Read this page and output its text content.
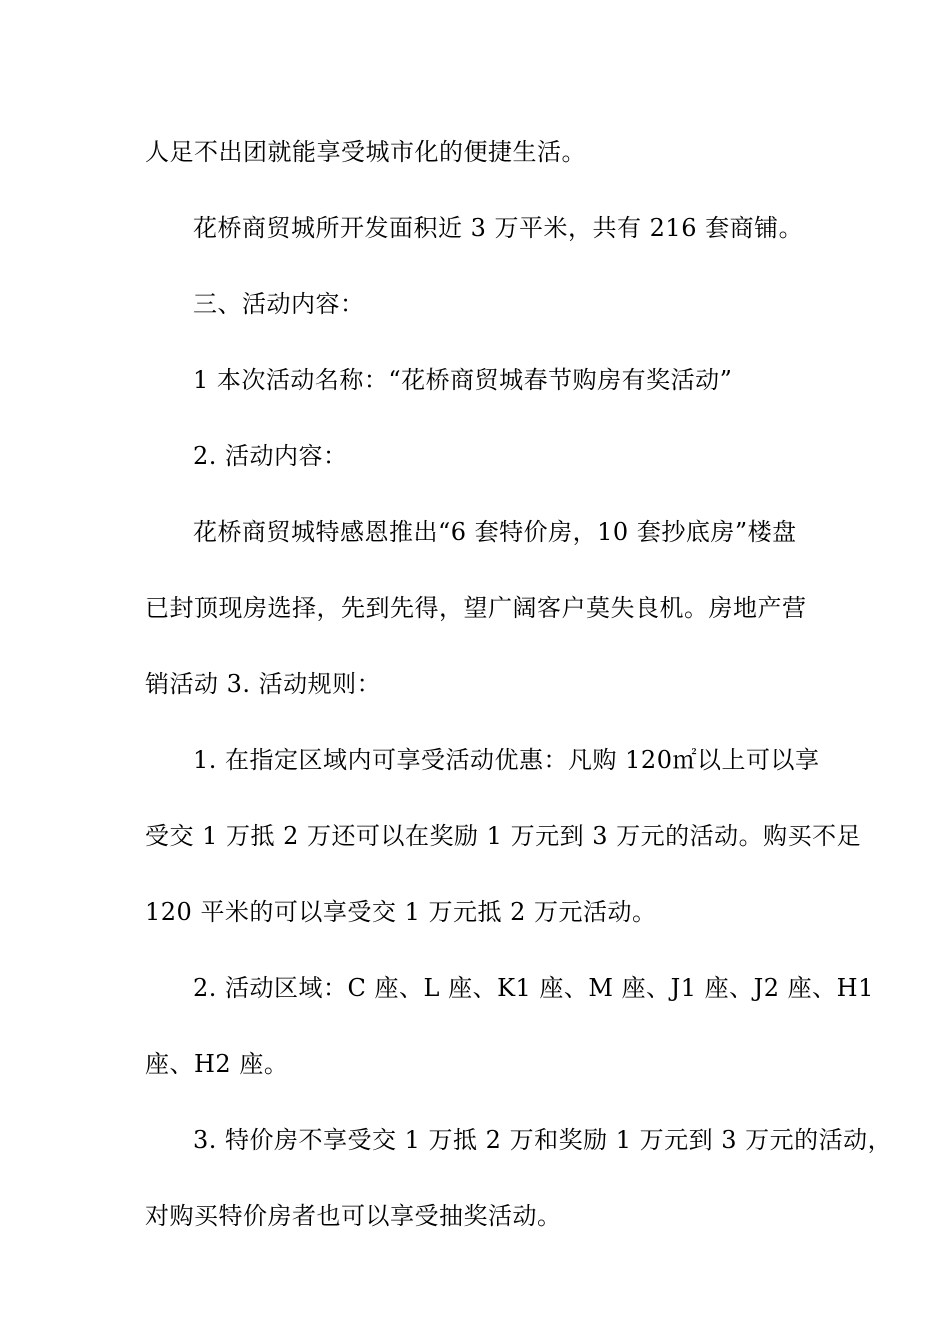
人足不出团就能享受城市化的便捷生活。
花桥商贸城所开发面积近 3 万平米，共有 216 套商铺。
三、活动内容：
1 本次活动名称：“花桥商贸城春节购房有奖活动”
2. 活动内容：
花桥商贸城特感恩推出“6 套特价房，10 套抄底房”楼盘
已封顶现房选择，先到先得，望广阔客户莫失良机。房地产营
销活动 3. 活动规则：
1. 在指定区域内可享受活动优惠：凡购 120㎡以上可以享
受交 1 万抵 2 万还可以在奖励 1 万元到 3 万元的活动。购买不足
120 平米的可以享受交 1 万元抵 2 万元活动。
2. 活动区域：C 座、L 座、K1 座、M 座、J1 座、J2 座、H1
座、H2 座。
3. 特价房不享受交 1 万抵 2 万和奖励 1 万元到 3 万元的活动，
对购买特价房者也可以享受抽奖活动。
